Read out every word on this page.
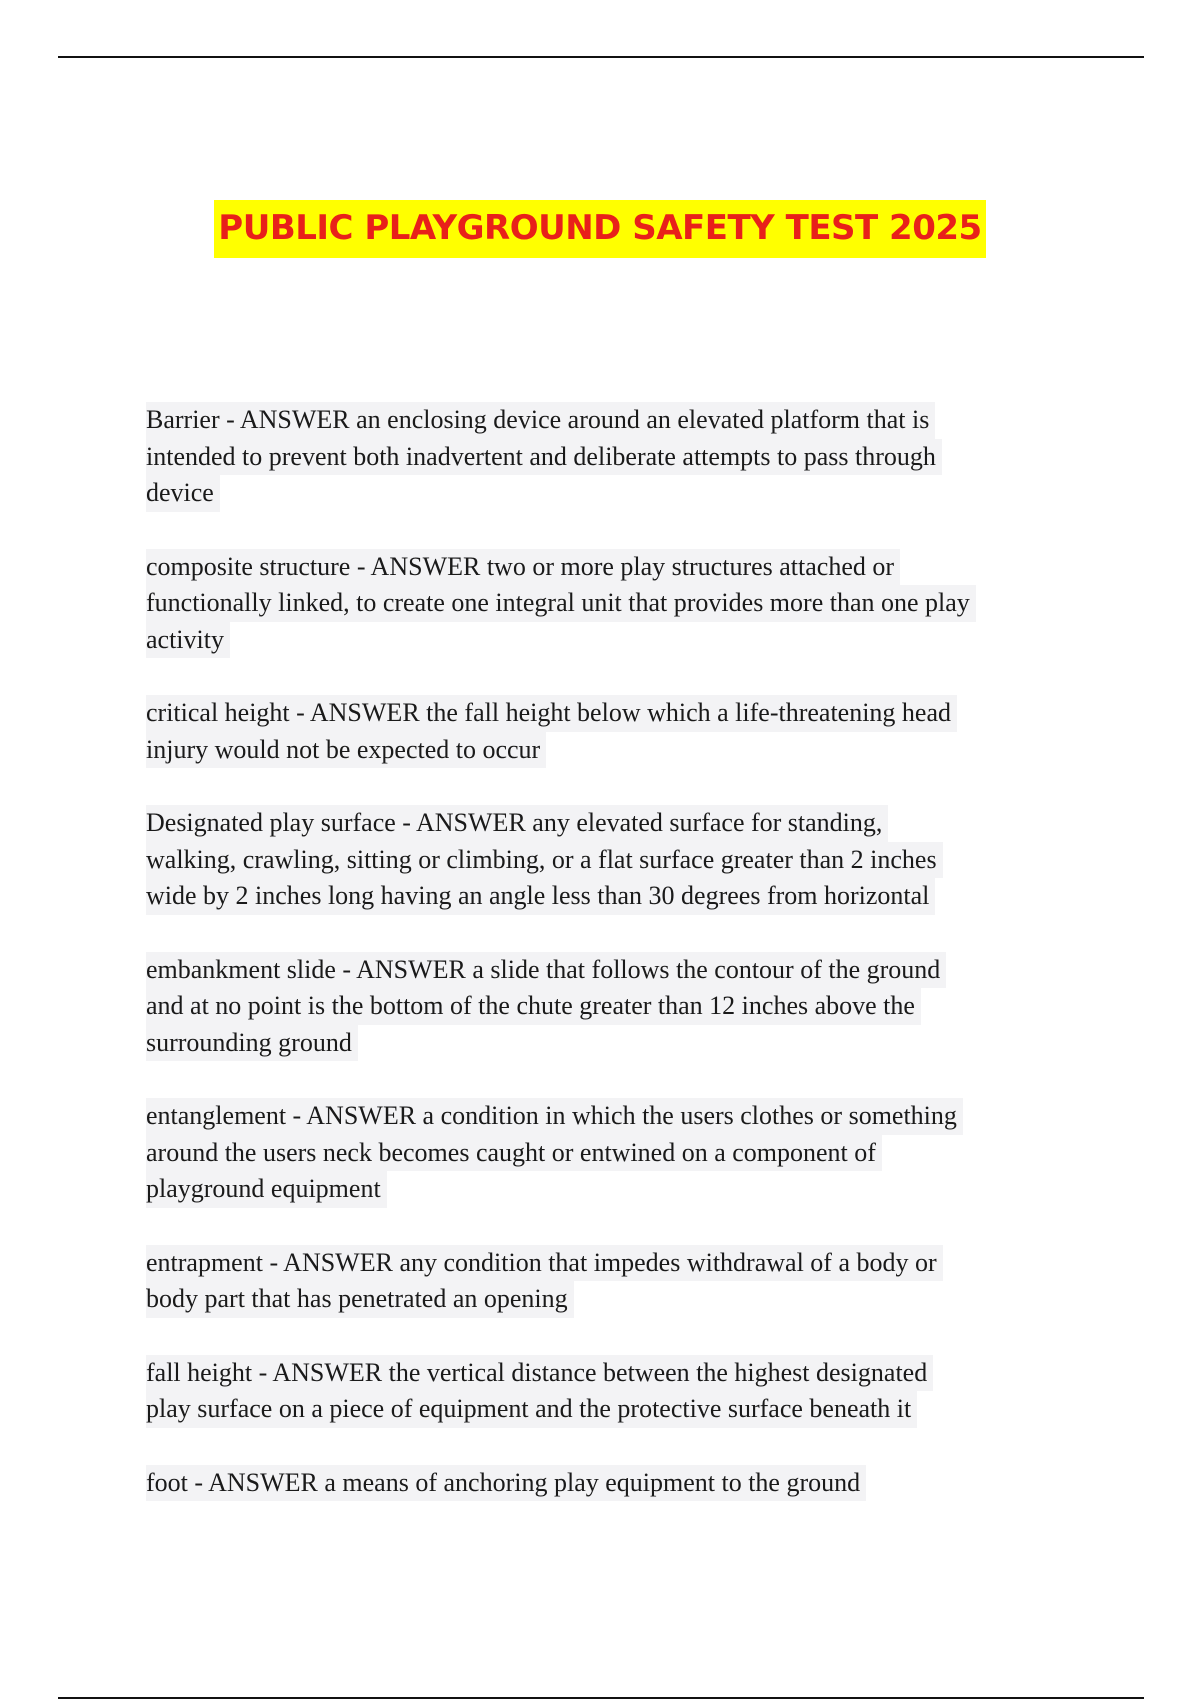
PUBLIC PLAYGROUND SAFETY TEST 2025
Barrier - ANSWER an enclosing device around an elevated platform that is
intended to prevent both inadvertent and deliberate attempts to pass through
device

composite structure - ANSWER two or more play structures attached or
functionally linked, to create one integral unit that provides more than one play
activity

critical height - ANSWER the fall height below which a life-threatening head
injury would not be expected to occur

Designated play surface - ANSWER any elevated surface for standing,
walking, crawling, sitting or climbing, or a flat surface greater than 2 inches
wide by 2 inches long having an angle less than 30 degrees from horizontal

embankment slide - ANSWER a slide that follows the contour of the ground
and at no point is the bottom of the chute greater than 12 inches above the
surrounding ground

entanglement - ANSWER a condition in which the users clothes or something
around the users neck becomes caught or entwined on a component of
playground equipment

entrapment - ANSWER any condition that impedes withdrawal of a body or
body part that has penetrated an opening

fall height - ANSWER the vertical distance between the highest designated
play surface on a piece of equipment and the protective surface beneath it

foot - ANSWER a means of anchoring play equipment to the ground
